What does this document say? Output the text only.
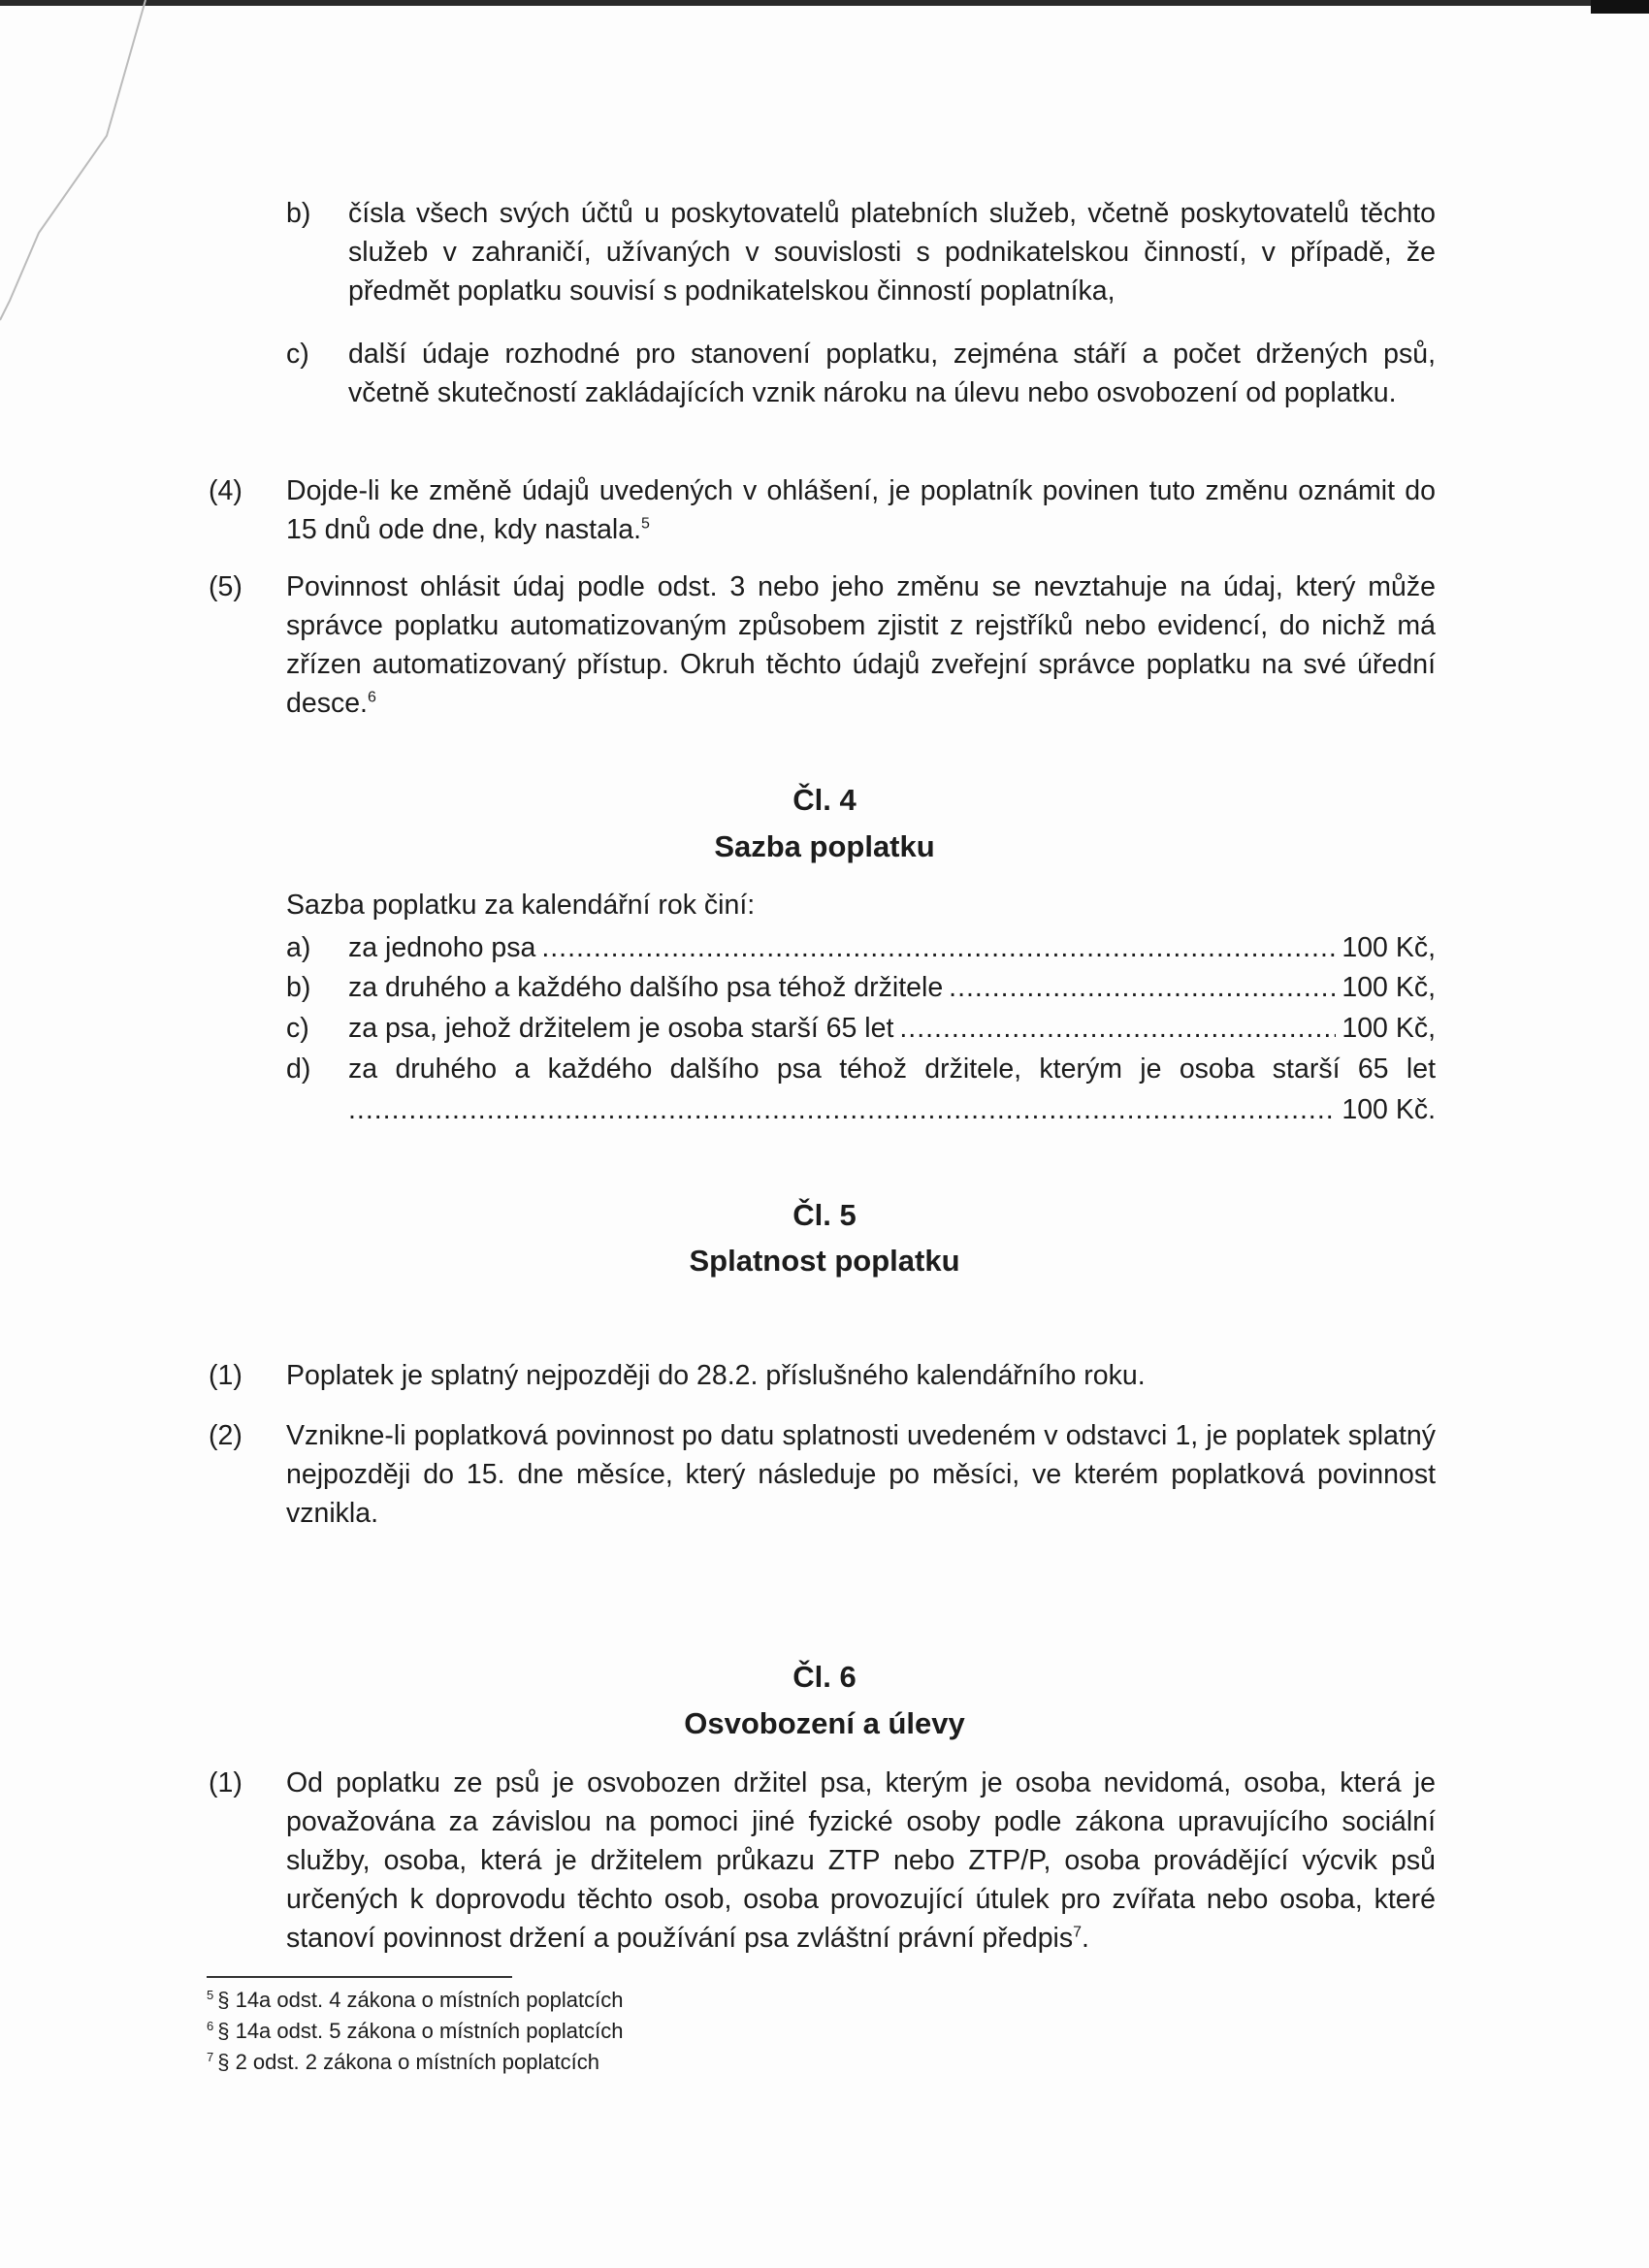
b) čísla všech svých účtů u poskytovatelů platebních služeb, včetně poskytovatelů těchto služeb v zahraničí, užívaných v souvislosti s podnikatelskou činností, v případě, že předmět poplatku souvisí s podnikatelskou činností poplatníka,
c) další údaje rozhodné pro stanovení poplatku, zejména stáří a počet držených psů, včetně skutečností zakládajících vznik nároku na úlevu nebo osvobození od poplatku.
(4) Dojde-li ke změně údajů uvedených v ohlášení, je poplatník povinen tuto změnu oznámit do 15 dnů ode dne, kdy nastala.$^5$
(5) Povinnost ohlásit údaj podle odst. 3 nebo jeho změnu se nevztahuje na údaj, který může správce poplatku automatizovaným způsobem zjistit z rejstříků nebo evidencí, do nichž má zřízen automatizovaný přístup. Okruh těchto údajů zveřejní správce poplatku na své úřední desce.$^6$
Čl. 4
Sazba poplatku
Sazba poplatku za kalendářní rok činí:
a)	za jednoho psa .....	100 Kč,
b)	za druhého a každého dalšího psa téhož držitele .....	100 Kč,
c)	za psa, jehož držitelem je osoba starší 65 let .....	100 Kč,
d) za druhého a každého dalšího psa téhož držitele, kterým je osoba starší 65 let
.....
100 Kč.
Čl. 5
Splatnost poplatku
(1) Poplatek je splatný nejpozději do 28.2. příslušného kalendářního roku.
(2) Vznikne-li poplatková povinnost po datu splatnosti uvedeném v odstavci 1, je poplatek splatný nejpozději do 15. dne měsíce, který následuje po měsíci, ve kterém poplatková povinnost vznikla.
Čl. 6
Osvobození a úlevy
(1) Od poplatku ze psů je osvobozen držitel psa, kterým je osoba nevidomá, osoba, která je považována za závislou na pomoci jiné fyzické osoby podle zákona upravujícího sociální služby, osoba, která je držitelem průkazu ZTP nebo ZTP/P, osoba provádějící výcvik psů určených k doprovodu těchto osob, osoba provozující útulek pro zvířata nebo osoba, které stanoví povinnost držení a používání psa zvláštní právní předpis$^7$.
$^5$ § 14a odst. 4 zákona o místních poplatcích
$^6$ § 14a odst. 5 zákona o místních poplatcích
$^7$ § 2 odst. 2 zákona o místních poplatcích
